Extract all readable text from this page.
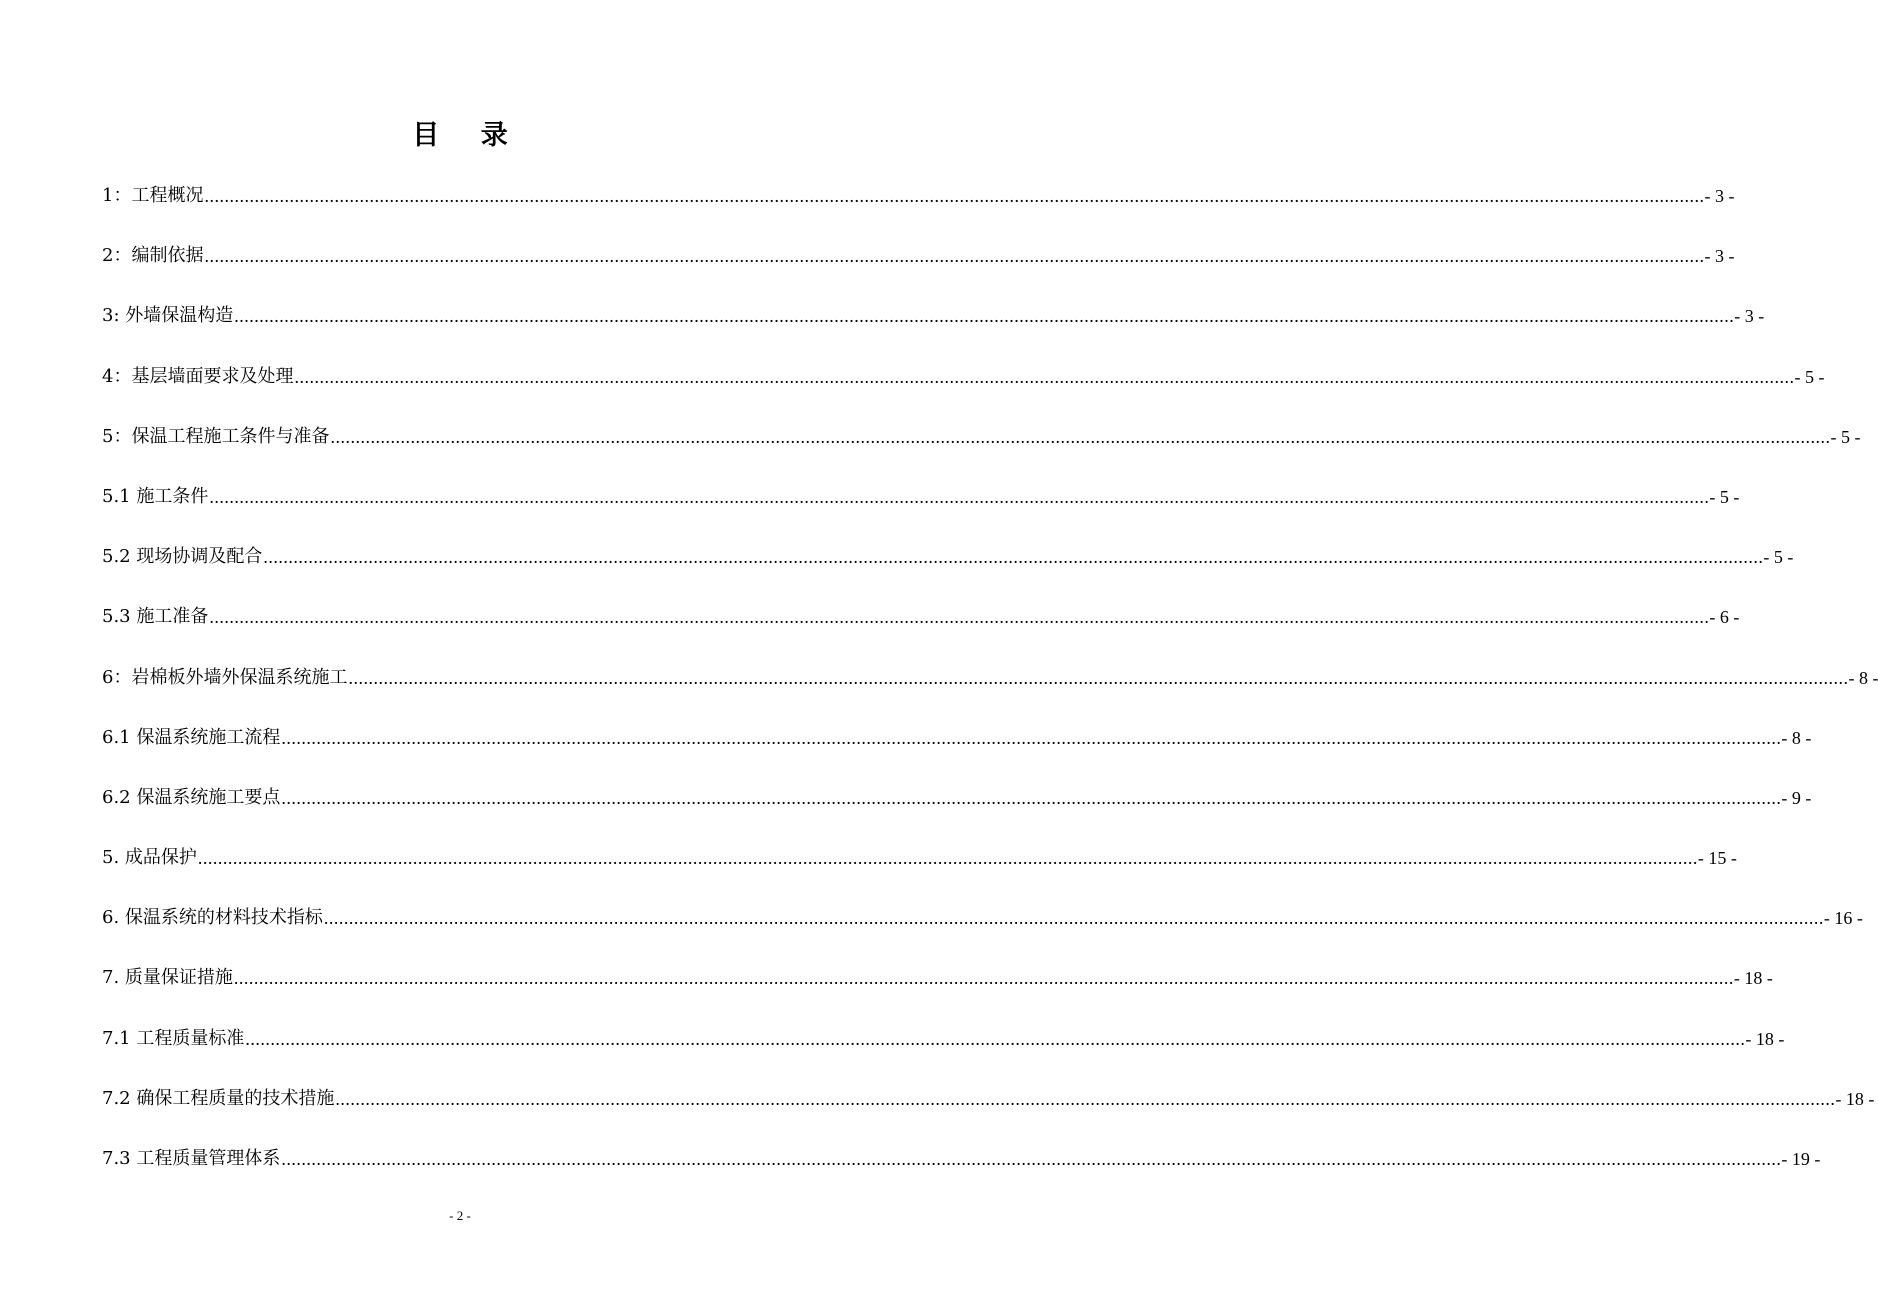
目 录
1：工程概况 ............................................................................................................................................................................................................................................................................................................ - 3 -
2：编制依据 ............................................................................................................................................................................................................................................................................................................ - 3 -
3: 外墙保温构造 ............................................................................................................................................................................................................................................................................................................ - 3 -
4：基层墙面要求及处理 ............................................................................................................................................................................................................................................................................................................ - 5 -
5：保温工程施工条件与准备 ............................................................................................................................................................................................................................................................................................................ - 5 -
5.1 施工条件 ............................................................................................................................................................................................................................................................................................................ - 5 -
5.2 现场协调及配合 ............................................................................................................................................................................................................................................................................................................ - 5 -
5.3 施工准备 ............................................................................................................................................................................................................................................................................................................ - 6 -
6：岩棉板外墙外保温系统施工 ............................................................................................................................................................................................................................................................................................................ - 8 -
6.1 保温系统施工流程 ............................................................................................................................................................................................................................................................................................................ - 8 -
6.2 保温系统施工要点 ............................................................................................................................................................................................................................................................................................................ - 9 -
5. 成品保护 ............................................................................................................................................................................................................................................................................................................ - 15 -
6. 保温系统的材料技术指标 ............................................................................................................................................................................................................................................................................................................ - 16 -
7. 质量保证措施 ............................................................................................................................................................................................................................................................................................................ - 18 -
7.1 工程质量标准 ............................................................................................................................................................................................................................................................................................................ - 18 -
7.2 确保工程质量的技术措施 ............................................................................................................................................................................................................................................................................................................ - 18 -
7.3 工程质量管理体系 ............................................................................................................................................................................................................................................................................................................ - 19 -
- 2 -
